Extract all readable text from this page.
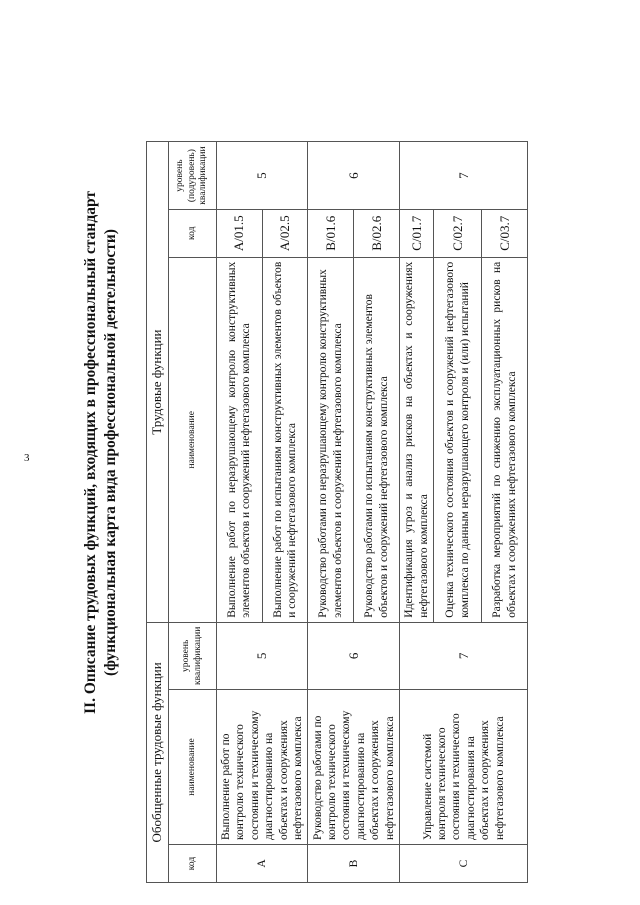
3	II. Описание трудовых функций, входящих в профессиональный стандарт (функциональная карта вида профессиональной деятельности)
Обобщенные трудовые функции			Трудовые функции		
код	наименование	уровень квалификации	наименование	код	уровень (подуровень) квалификации
A	Выполнение работ по контролю технического состояния и техническому диагностированию на объектах и сооружениях нефтегазового комплекса	5	Выполнение работ по неразрушающему контролю конструктивных элементов объектов и сооружений нефтегазового комплекса	A/01.5	5
			Выполнение работ по испытаниям конструктивных элементов объектов и сооружений нефтегазового комплекса	A/02.5	
B	Руководство работами по контролю технического состояния и техническому диагностированию на объектах и сооружениях нефтегазового комплекса	6	Руководство работами по неразрушающему контролю конструктивных элементов объектов и сооружений нефтегазового комплекса	B/01.6	6
			Руководство работами по испытаниям конструктивных элементов объектов и сооружений нефтегазового комплекса	B/02.6	
C	Управление системой контроля технического состояния и технического диагностирования на объектах и сооружениях нефтегазового комплекса	7	Идентификация угроз и анализ рисков на объектах и сооружениях нефтегазового комплекса	C/01.7	7
			Оценка технического состояния объектов и сооружений нефтегазового комплекса по данным неразрушающего контроля и (или) испытаний	C/02.7	
			Разработка мероприятий по снижению эксплуатационных рисков на объектах и сооружениях нефтегазового комплекса	C/03.7	
